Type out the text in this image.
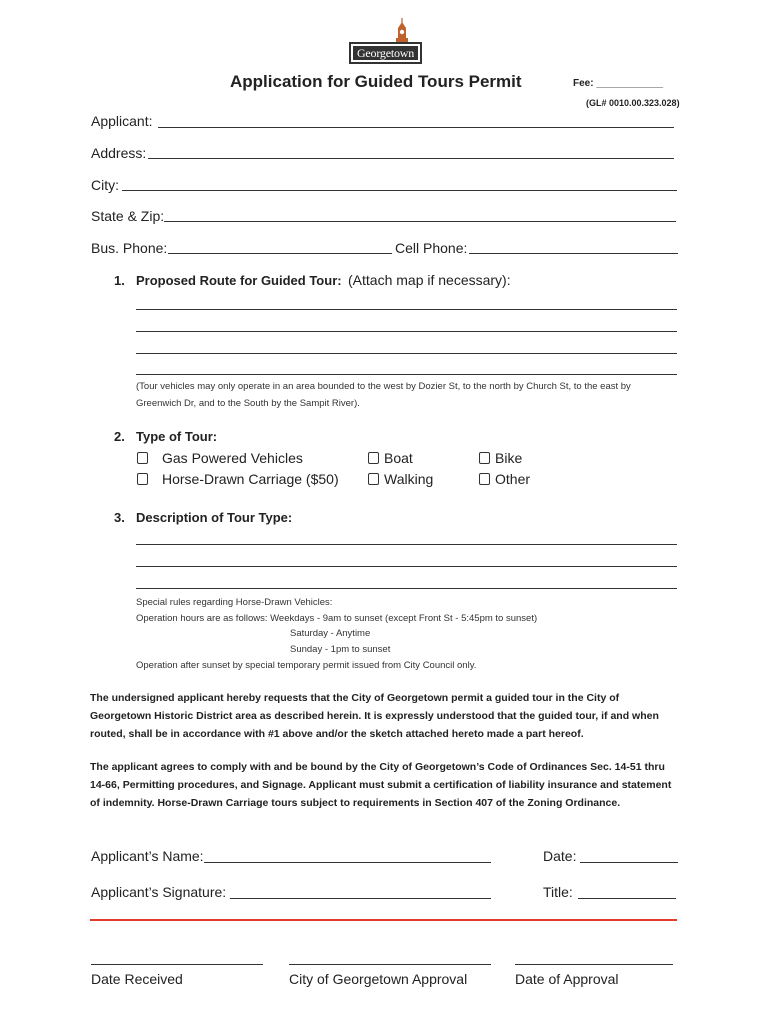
Georgetown
Application for Guided Tours Permit	Fee: ____________
(GL# 0010.00.323.028)
Applicant:
Address:
City:
State & Zip:
Bus. Phone:	Cell Phone:
1. Proposed Route for Guided Tour: (Attach map if necessary):
(Tour vehicles may only operate in an area bounded to the west by Dozier St, to the north by Church St, to the east by
Greenwich Dr, and to the South by the Sampit River).
2. Type of Tour:
Gas Powered Vehicles
Horse-Drawn Carriage ($50)
Boat
Walking
Bike
Other
3. Description of Tour Type:
Special rules regarding Horse-Drawn Vehicles:
Operation hours are as follows: Weekdays - 9am to sunset (except Front St - 5:45pm to sunset)
Saturday - Anytime
Sunday - 1pm to sunset
Operation after sunset by special temporary permit issued from City Council only.
The undersigned applicant hereby requests that the City of Georgetown permit a guided tour in the City of Georgetown Historic District area as described herein. It is expressly understood that the guided tour, if and when routed, shall be in accordance with #1 above and/or the sketch attached hereto made a part hereof.
The applicant agrees to comply with and be bound by the City of Georgetown’s Code of Ordinances Sec. 14-51 thru 14-66, Permitting procedures, and Signage. Applicant must submit a certification of liability insurance and statement of indemnity. Horse-Drawn Carriage tours subject to requirements in Section 407 of the Zoning Ordinance.
Applicant’s Name:	Date:
Applicant’s Signature:	Title:
Date Received	City of Georgetown Approval	Date of Approval
